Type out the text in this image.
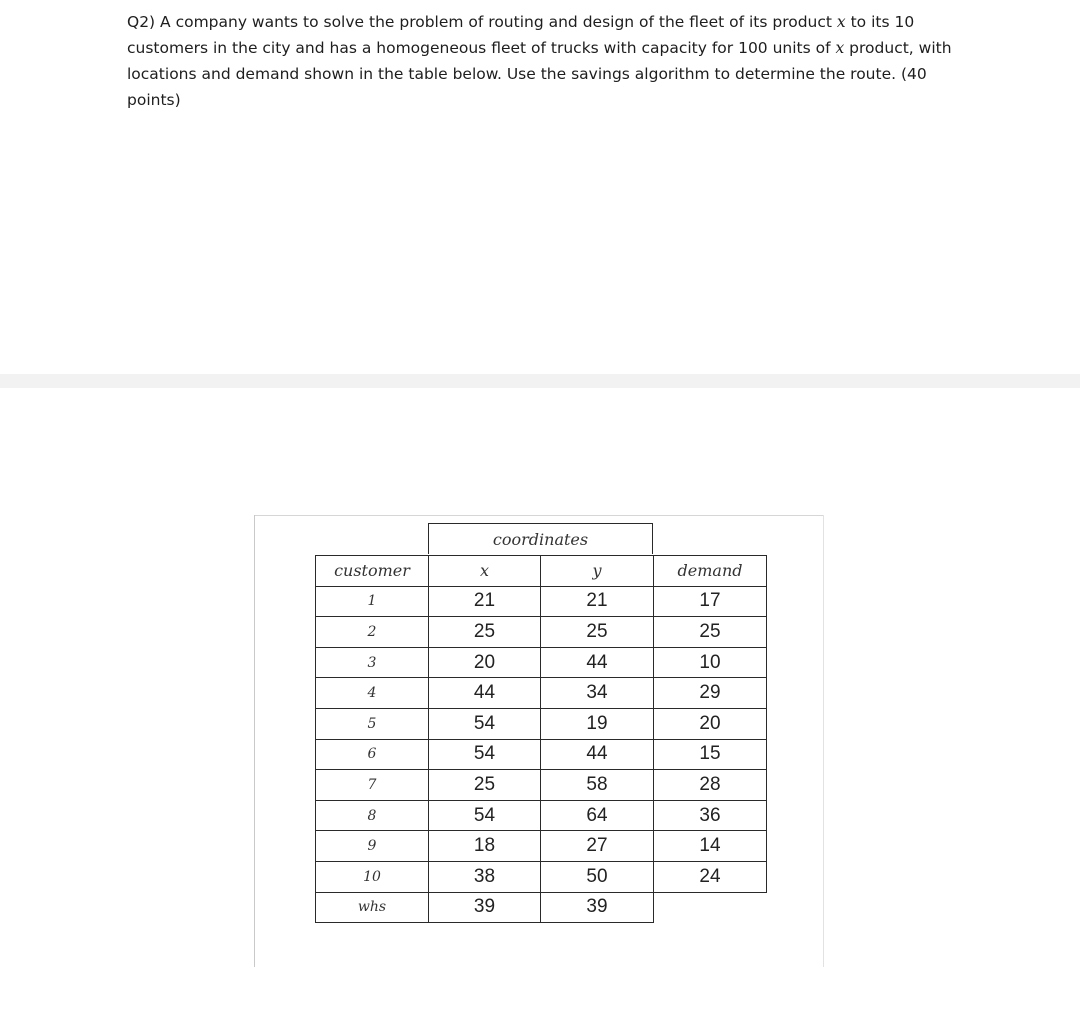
Q2) A company wants to solve the problem of routing and design of the fleet of its product x to its 10 customers in the city and has a homogeneous fleet of trucks with capacity for 100 units of x product, with locations and demand shown in the table below. Use the savings algorithm to determine the route. (40 points)
coordinates
customer	x	y	demand
1	21	21	17
2	25	25	25
3	20	44	10
4	44	34	29
5	54	19	20
6	54	44	15
7	25	58	28
8	54	64	36
9	18	27	14
10	38	50	24
whs	39	39	
